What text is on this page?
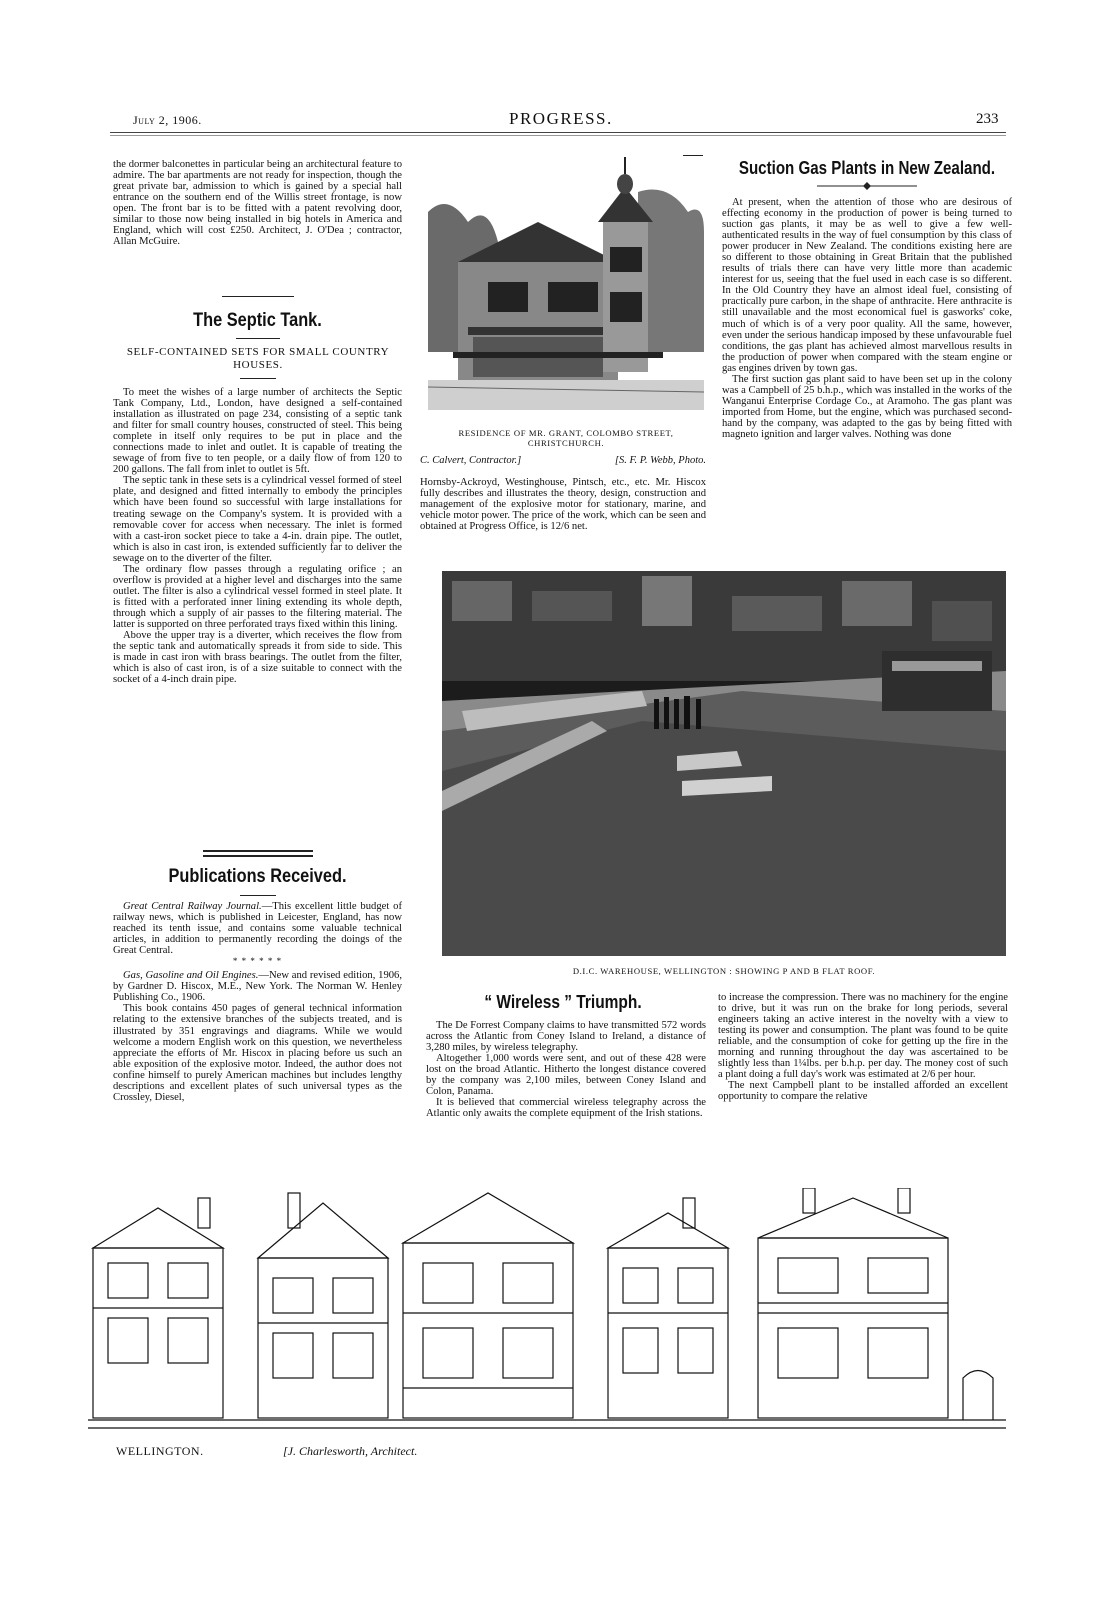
July 2, 1906.	PROGRESS.	233
the dormer balconettes in particular being an architectural feature to admire. The bar apartments are not ready for inspection, though the great private bar, admission to which is gained by a special hall entrance on the southern end of the Willis street frontage, is now open. The front bar is to be fitted with a patent revolving door, similar to those now being installed in big hotels in America and England, which will cost £250. Architect, J. O'Dea ; contractor, Allan McGuire.
The Septic Tank.
SELF-CONTAINED SETS FOR SMALL COUNTRY HOUSES.

To meet the wishes of a large number of architects the Septic Tank Company, Ltd., London, have designed a self-contained installation as illustrated on page 234, consisting of a septic tank and filter for small country houses, constructed of steel. This being complete in itself only requires to be put in place and the connections made to inlet and outlet. It is capable of treating the sewage of from five to ten people, or a daily flow of from 120 to 200 gallons. The fall from inlet to outlet is 5ft.

The septic tank in these sets is a cylindrical vessel formed of steel plate, and designed and fitted internally to embody the principles which have been found so successful with large installations for treating sewage on the Company's system. It is provided with a removable cover for access when necessary. The inlet is formed with a cast-iron socket piece to take a 4-in. drain pipe. The outlet, which is also in cast iron, is extended sufficiently far to deliver the sewage on to the diverter of the filter.

The ordinary flow passes through a regulating orifice ; an overflow is provided at a higher level and discharges into the same outlet. The filter is also a cylindrical vessel formed in steel plate. It is fitted with a perforated inner lining extending its whole depth, through which a supply of air passes to the filtering material. The latter is supported on three perforated trays fixed within this lining.

Above the upper tray is a diverter, which receives the flow from the septic tank and automatically spreads it from side to side. This is made in cast iron with brass bearings. The outlet from the filter, which is also of cast iron, is of a size suitable to connect with the socket of a 4-inch drain pipe.

Publications Received.

Great Central Railway Journal.—This excellent little budget of railway news, which is published in Leicester, England, has now reached its tenth issue, and contains some valuable technical articles, in addition to permanently recording the doings of the Great Central.

* * * * * *

Gas, Gasoline and Oil Engines.—New and revised edition, 1906, by Gardner D. Hiscox, M.E., New York. The Norman W. Henley Publishing Co., 1906.

This book contains 450 pages of general technical information relating to the extensive branches of the subjects treated, and is illustrated by 351 engravings and diagrams. While we would welcome a modern English work on this question, we nevertheless appreciate the efforts of Mr. Hiscox in placing before us such an able exposition of the explosive motor. Indeed, the author does not confine himself to purely American machines but includes lengthy descriptions and excellent plates of such universal types as the Crossley, Diesel,

RESIDENCE OF MR. GRANT, COLOMBO STREET,
CHRISTCHURCH.
C. Calvert, Contractor.]	[S. F. P. Webb, Photo.
Hornsby-Ackroyd, Westinghouse, Pintsch, etc., etc. Mr. Hiscox fully describes and illustrates the theory, design, construction and management of the explosive motor for stationary, marine, and vehicle motor power. The price of the work, which can be seen and obtained at Progress Office, is 12/6 net.
Suction Gas Plants in New Zealand.

At present, when the attention of those who are desirous of effecting economy in the production of power is being turned to suction gas plants, it may be as well to give a few well-authenticated results in the way of fuel consumption by this class of power producer in New Zealand. The conditions existing here are so different to those obtaining in Great Britain that the published results of trials there can have very little more than academic interest for us, seeing that the fuel used in each case is so different. In the Old Country they have an almost ideal fuel, consisting of practically pure carbon, in the shape of anthracite. Here anthracite is still unavailable and the most economical fuel is gasworks' coke, much of which is of a very poor quality. All the same, however, even under the serious handicap imposed by these unfavourable fuel conditions, the gas plant has achieved almost marvellous results in the production of power when compared with the steam engine or gas engines driven by town gas.

The first suction gas plant said to have been set up in the colony was a Campbell of 25 b.h.p., which was installed in the works of the Wanganui Enterprise Cordage Co., at Aramoho. The gas plant was imported from Home, but the engine, which was purchased second-hand by the company, was adapted to the gas by being fitted with magneto ignition and larger valves. Nothing was done

D.I.C. WAREHOUSE, WELLINGTON : SHOWING P AND B FLAT ROOF.
“ Wireless ” Triumph.

The De Forrest Company claims to have transmitted 572 words across the Atlantic from Coney Island to Ireland, a distance of 3,280 miles, by wireless telegraphy.

Altogether 1,000 words were sent, and out of these 428 were lost on the broad Atlantic. Hitherto the longest distance covered by the company was 2,100 miles, between Coney Island and Colon, Panama.

It is believed that commercial wireless telegraphy across the Atlantic only awaits the complete equipment of the Irish stations.

to increase the compression. There was no machinery for the engine to drive, but it was run on the brake for long periods, several engineers taking an active interest in the novelty with a view to testing its power and consumption. The plant was found to be quite reliable, and the consumption of coke for getting up the fire in the morning and running throughout the day was ascertained to be slightly less than 1¼lbs. per b.h.p. per day. The money cost of such a plant doing a full day's work was estimated at 2/6 per hour.

The next Campbell plant to be installed afforded an excellent opportunity to compare the relative

WELLINGTON.	[J. Charlesworth, Architect.
